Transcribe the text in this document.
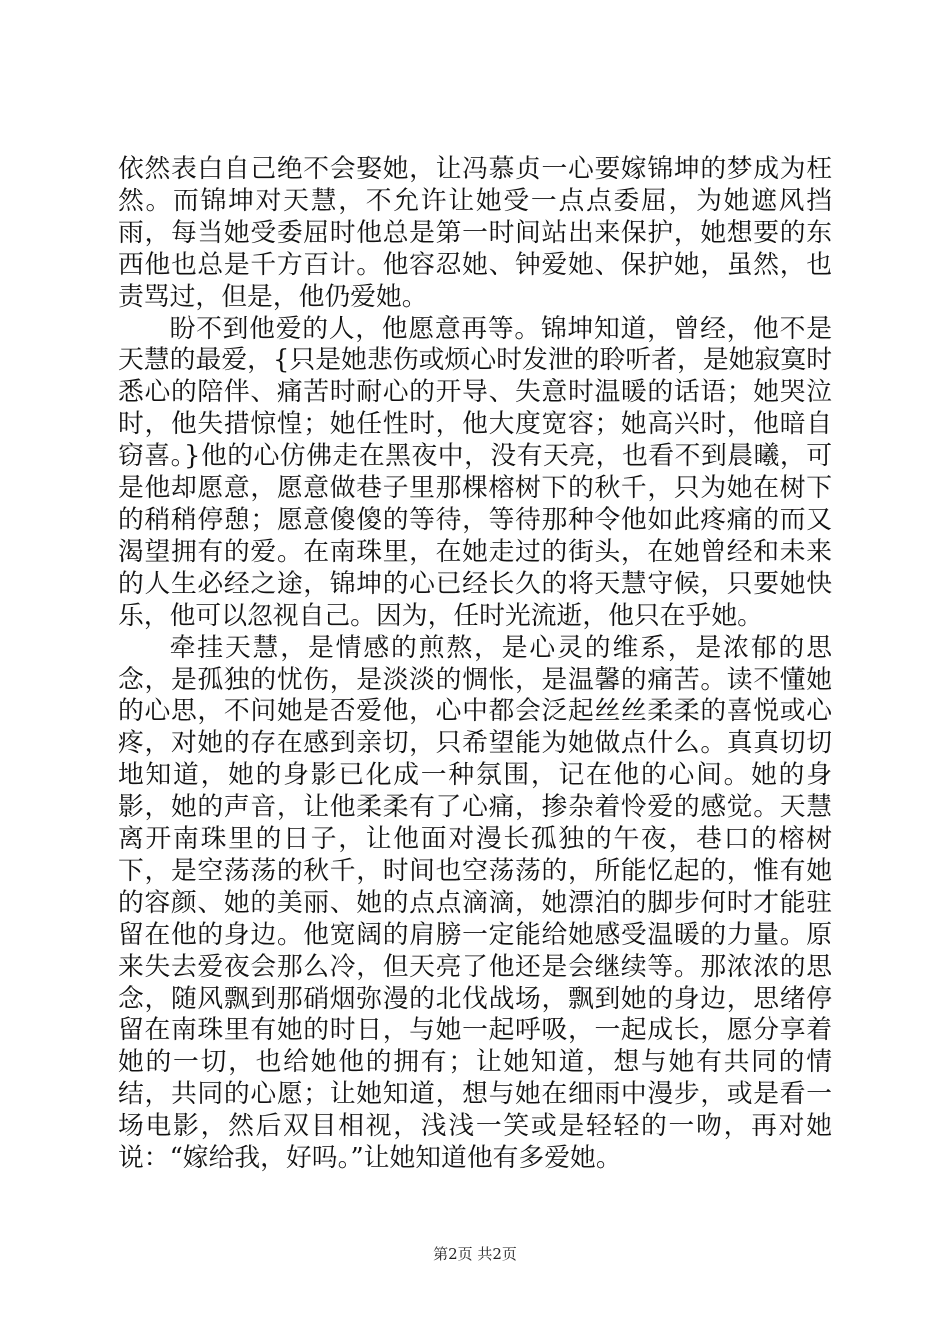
依然表白自己绝不会娶她，让冯慕贞一心要嫁锦坤的梦成为枉然。而锦坤对天慧，不允许让她受一点点委屈，为她遮风挡雨，每当她受委屈时他总是第一时间站出来保护，她想要的东西他也总是千方百计。他容忍她、钟爱她、保护她，虽然，也责骂过，但是，他仍爱她。

盼不到他爱的人，他愿意再等。锦坤知道，曾经，他不是天慧的最爱，{只是她悲伤或烦心时发泄的聆听者，是她寂寞时悉心的陪伴、痛苦时耐心的开导、失意时温暖的话语；她哭泣时，他失措惊惶；她任性时，他大度宽容；她高兴时，他暗自窃喜。}他的心仿佛走在黑夜中，没有天亮，也看不到晨曦，可是他却愿意，愿意做巷子里那棵榕树下的秋千，只为她在树下的稍稍停憩；愿意傻傻的等待，等待那种令他如此疼痛的而又渴望拥有的爱。在南珠里，在她走过的街头，在她曾经和未来的人生必经之途，锦坤的心已经长久的将天慧守候，只要她快乐，他可以忽视自己。因为，任时光流逝，他只在乎她。

牵挂天慧，是情感的煎熬，是心灵的维系，是浓郁的思念，是孤独的忧伤，是淡淡的惆怅，是温馨的痛苦。读不懂她的心思，不问她是否爱他，心中都会泛起丝丝柔柔的喜悦或心疼，对她的存在感到亲切，只希望能为她做点什么。真真切切地知道，她的身影已化成一种氛围，记在他的心间。她的身影，她的声音，让他柔柔有了心痛，掺杂着怜爱的感觉。天慧离开南珠里的日子，让他面对漫长孤独的午夜，巷口的榕树下，是空荡荡的秋千，时间也空荡荡的，所能忆起的，惟有她的容颜、她的美丽、她的点点滴滴，她漂泊的脚步何时才能驻留在他的身边。他宽阔的肩膀一定能给她感受温暖的力量。原来失去爱夜会那么冷，但天亮了他还是会继续等。那浓浓的思念，随风飘到那硝烟弥漫的北伐战场，飘到她的身边，思绪停留在南珠里有她的时日，与她一起呼吸，一起成长，愿分享着她的一切，也给她他的拥有；让她知道，想与她有共同的情结，共同的心愿；让她知道，想与她在细雨中漫步，或是看一场电影，然后双目相视，浅浅一笑或是轻轻的一吻，再对她说：“嫁给我，好吗。”让她知道他有多爱她。

第2页 共2页
